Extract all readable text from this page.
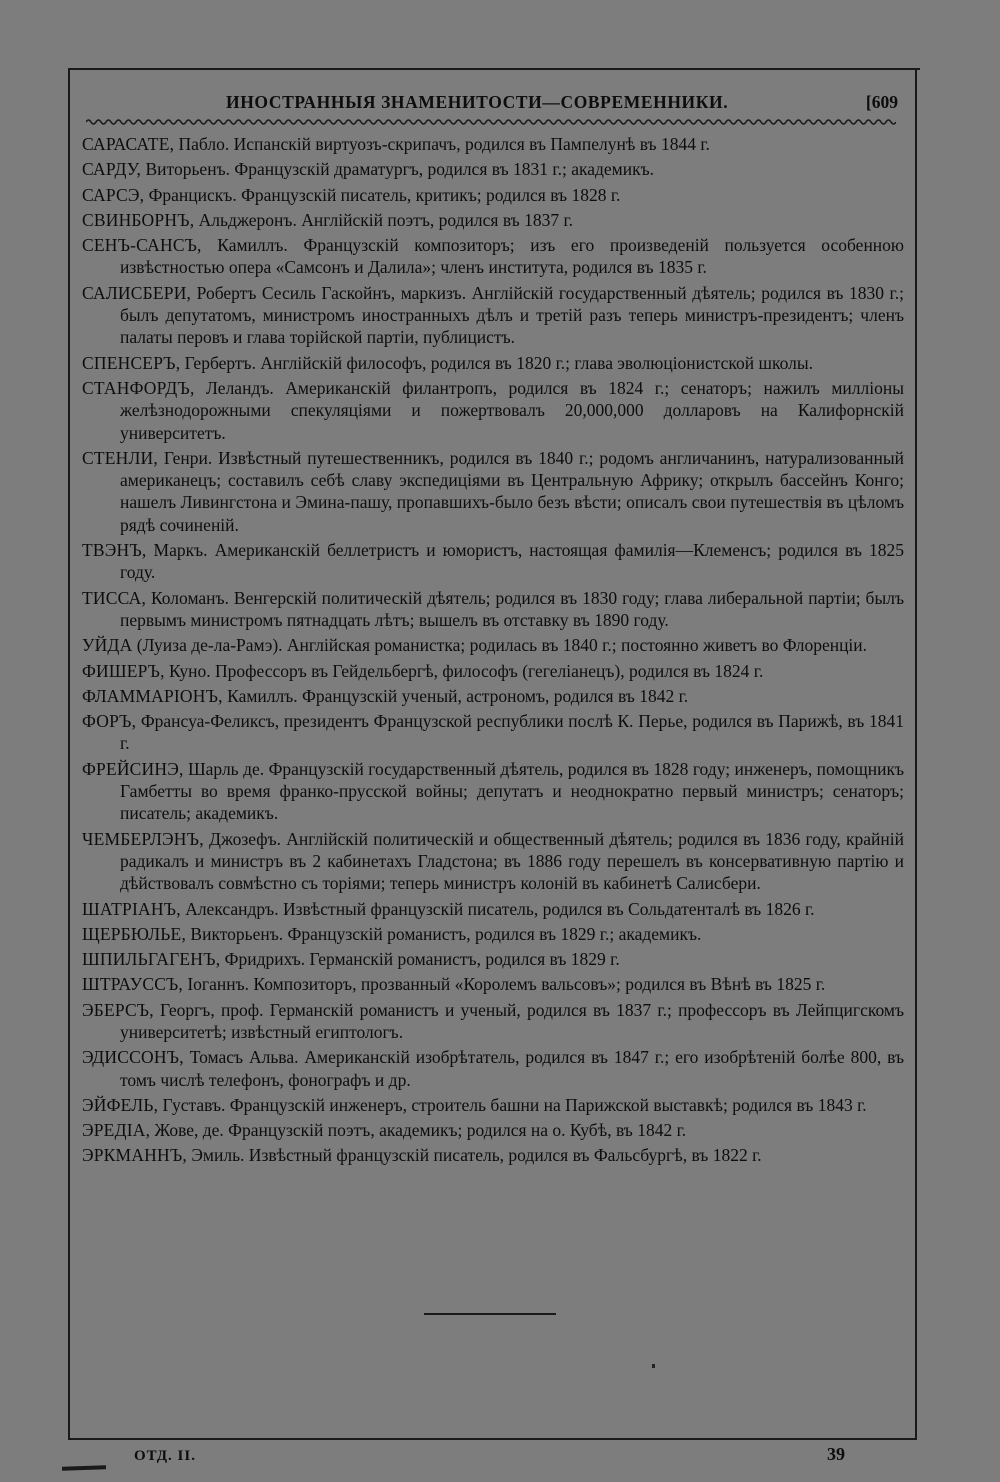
ИНОСТРАННЫЯ ЗНАМЕНИТОСТИ—СОВРЕМЕННИКИ.	[609

САРАСАТЕ, Пабло. Испанскій виртуозъ-скрипачъ, родился въ Пампелунѣ въ 1844 г.

САРДУ, Виторьенъ. Французскій драматургъ, родился въ 1831 г.; академикъ.

САРСЭ, Францискъ. Французскій писатель, критикъ; родился въ 1828 г.

СВИНБОРНЪ, Альджеронъ. Англійскій поэтъ, родился въ 1837 г.

СЕНЪ-САНСЪ, Камиллъ. Французскій композиторъ; изъ его произведеній пользуется особенною извѣстностью опера «Самсонъ и Далила»; членъ института, родился въ 1835 г.

САЛИСБЕРИ, Робертъ Сесиль Гаскойнъ, маркизъ. Англійскій государственный дѣятель; родился въ 1830 г.; былъ депутатомъ, министромъ иностранныхъ дѣлъ и третій разъ теперь министръ-президентъ; членъ палаты перовъ и глава торійской партіи, публицистъ.

СПЕНСЕРЪ, Гербертъ. Англійскій философъ, родился въ 1820 г.; глава эволюціонистской школы.

СТАНФОРДЪ, Леландъ. Американскій филантропъ, родился въ 1824 г.; сенаторъ; нажилъ милліоны желѣзнодорожными спекуляціями и пожертвовалъ 20,000,000 долларовъ на Калифорнскій университетъ.

СТЕНЛИ, Генри. Извѣстный путешественникъ, родился въ 1840 г.; родомъ англичанинъ, натурализованный американецъ; составилъ себѣ славу экспедиціями въ Центральную Африку; открылъ бассейнъ Конго; нашелъ Ливингстона и Эмина-пашу, пропавшихъ-было безъ вѣсти; описалъ свои путешествія въ цѣломъ рядѣ сочиненій.

ТВЭНЪ, Маркъ. Американскій беллетристъ и юмористъ, настоящая фамилія—Клеменсъ; родился въ 1825 году.

ТИССА, Коломанъ. Венгерскій политическій дѣятель; родился въ 1830 году; глава либеральной партіи; былъ первымъ министромъ пятнадцать лѣтъ; вышелъ въ отставку въ 1890 году.

УЙДА (Луиза де-ла-Рамэ). Англійская романистка; родилась въ 1840 г.; постоянно живетъ во Флоренціи.

ФИШЕРЪ, Куно. Профессоръ въ Гейдельбергѣ, философъ (гегеліанецъ), родился въ 1824 г.

ФЛАММАРІОНЪ, Камиллъ. Французскій ученый, астрономъ, родился въ 1842 г.

ФОРЪ, Франсуа-Феликсъ, президентъ Французской республики послѣ К. Перье, родился въ Парижѣ, въ 1841 г.

ФРЕЙСИНЭ, Шарль де. Французскій государственный дѣятель, родился въ 1828 году; инженеръ, помощникъ Гамбетты во время франко-прусской войны; депутатъ и неоднократно первый министръ; сенаторъ; писатель; академикъ.

ЧЕМБЕРЛЭНЪ, Джозефъ. Англійскій политическій и общественный дѣятель; родился въ 1836 году, крайній радикалъ и министръ въ 2 кабинетахъ Гладстона; въ 1886 году перешелъ въ консервативную партію и дѣйствовалъ совмѣстно съ торіями; теперь министръ колоній въ кабинетѣ Салисбери.

ШАТРІАНЪ, Александръ. Извѣстный французскій писатель, родился въ Сольдатенталѣ въ 1826 г.

ЩЕРБЮЛЬЕ, Викторьенъ. Французскій романистъ, родился въ 1829 г.; академикъ.

ШПИЛЬГАГЕНЪ, Фридрихъ. Германскій романистъ, родился въ 1829 г.

ШТРАУССЪ, Іоганнъ. Композиторъ, прозванный «Королемъ вальсовъ»; родился въ Вѣнѣ въ 1825 г.

ЭБЕРСЪ, Георгъ, проф. Германскій романистъ и ученый, родился въ 1837 г.; профессоръ въ Лейпцигскомъ университетѣ; извѣстный египтологъ.

ЭДИССОНЪ, Томасъ Альва. Американскій изобрѣтатель, родился въ 1847 г.; его изобрѣтеній болѣе 800, въ томъ числѣ телефонъ, фонографъ и др.

ЭЙФЕЛЬ, Густавъ. Французскій инженеръ, строитель башни на Парижской выставкѣ; родился въ 1843 г.

ЭРЕДІА, Жове, де. Французскій поэтъ, академикъ; родился на о. Кубѣ, въ 1842 г.

ЭРКМАННЪ, Эмиль. Извѣстный французскій писатель, родился въ Фальсбургѣ, въ 1822 г.

ОТД. II.	39
